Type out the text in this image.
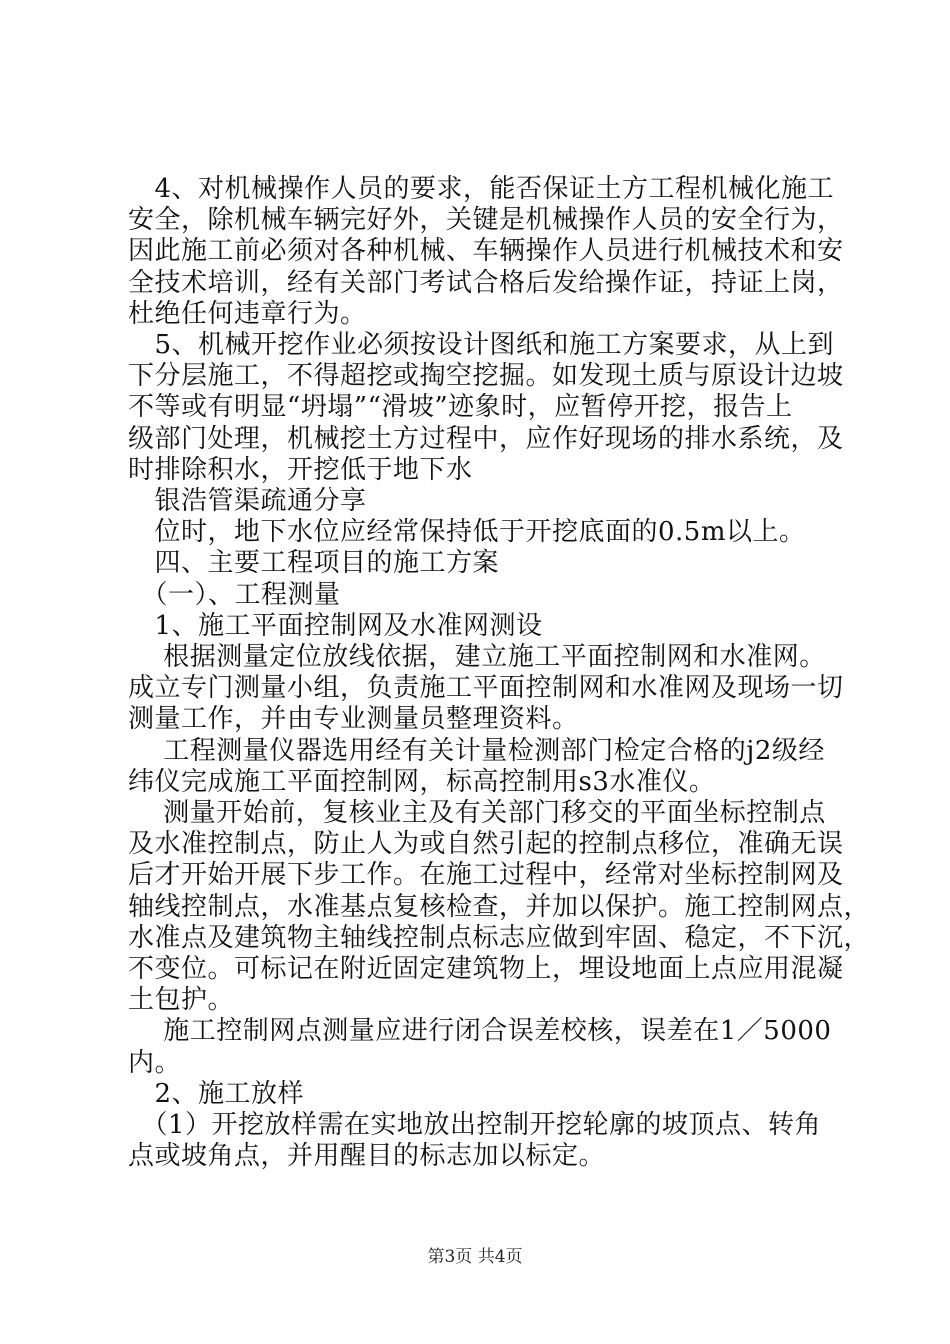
　4、对机械操作人员的要求，能否保证土方工程机械化施工
安全，除机械车辆完好外，关键是机械操作人员的安全行为，
因此施工前必须对各种机械、车辆操作人员进行机械技术和安
全技术培训，经有关部门考试合格后发给操作证，持证上岗，
杜绝任何违章行为。
　5、机械开挖作业必须按设计图纸和施工方案要求，从上到
下分层施工，不得超挖或掏空挖掘。如发现土质与原设计边坡
不等或有明显“坍塌”“滑坡”迹象时，应暂停开挖，报告上
级部门处理，机械挖土方过程中，应作好现场的排水系统，及
时排除积水，开挖低于地下水
　银浩管渠疏通分享
　位时，地下水位应经常保持低于开挖底面的0.5m以上。
　四、主要工程项目的施工方案
　（一）、工程测量
　1、施工平面控制网及水准网测设
　 根据测量定位放线依据，建立施工平面控制网和水准网。
成立专门测量小组，负责施工平面控制网和水准网及现场一切
测量工作，并由专业测量员整理资料。
　 工程测量仪器选用经有关计量检测部门检定合格的j2级经
纬仪完成施工平面控制网，标高控制用s3水准仪。
　 测量开始前，复核业主及有关部门移交的平面坐标控制点
及水准控制点，防止人为或自然引起的控制点移位，准确无误
后才开始开展下步工作。在施工过程中，经常对坐标控制网及
轴线控制点，水准基点复核检查，并加以保护。施工控制网点，
水准点及建筑物主轴线控制点标志应做到牢固、稳定，不下沉，
不变位。可标记在附近固定建筑物上，埋设地面上点应用混凝
土包护。
　 施工控制网点测量应进行闭合误差校核，误差在1／5000
内。
　2、施工放样
　（1）开挖放样需在实地放出控制开挖轮廓的坡顶点、转角
点或坡角点，并用醒目的标志加以标定。
第3页 共4页
